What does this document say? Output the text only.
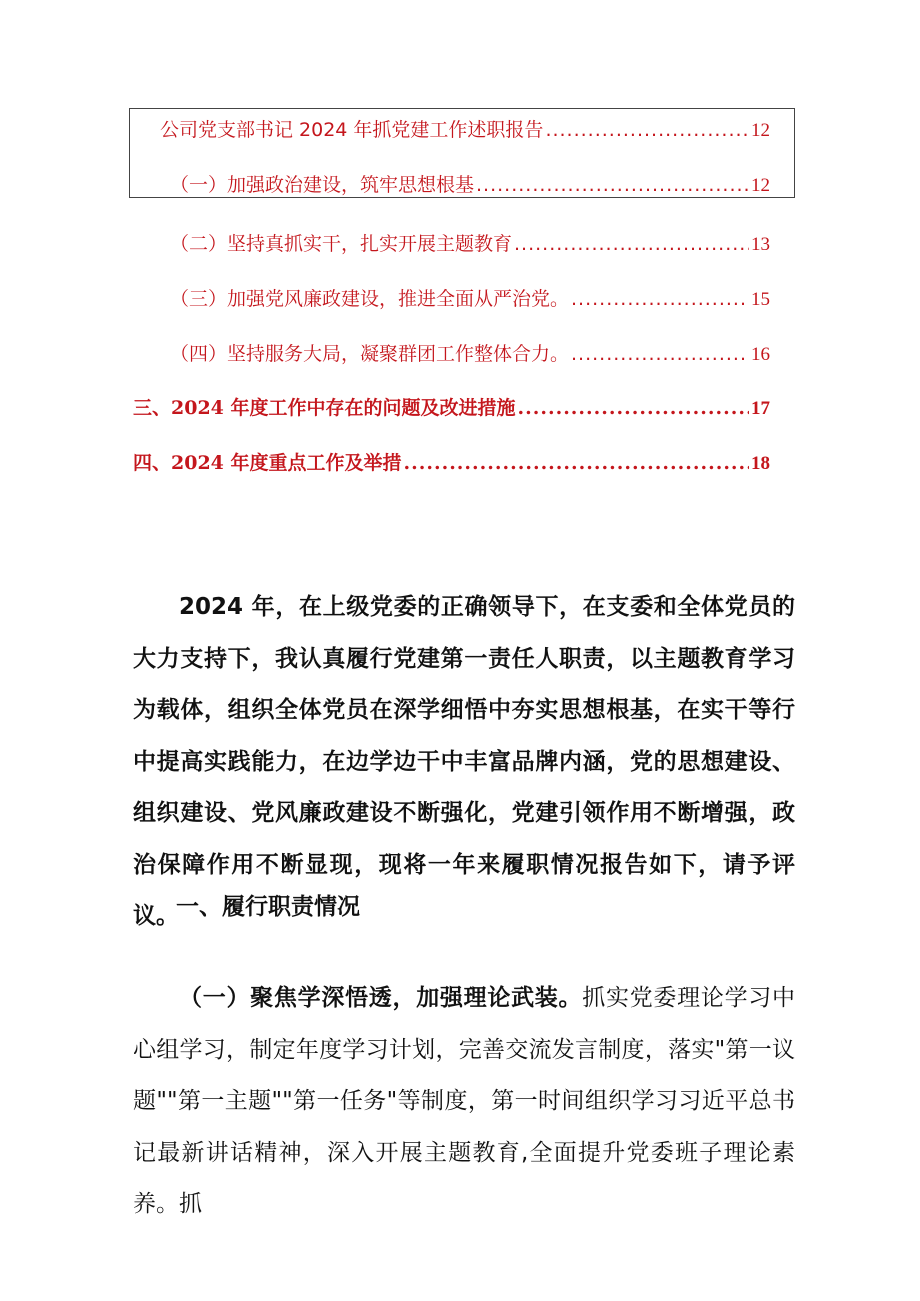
公司党支部书记 2024 年抓党建工作述职报告 .....	12
（一）加强政治建设，筑牢思想根基 .....	12
（二）坚持真抓实干，扎实开展主题教育 .....	13
（三）加强党风廉政建设，推进全面从严治党。 .....	15
（四）坚持服务大局，凝聚群团工作整体合力。 .....	16
三、2024 年度工作中存在的问题及改进措施 .....	17
四、2024 年度重点工作及举措 .....	18

2024 年，在上级党委的正确领导下，在支委和全体党员的大力支持下，我认真履行党建第一责任人职责，以主题教育学习为载体，组织全体党员在深学细悟中夯实思想根基，在实干等行中提高实践能力，在边学边干中丰富品牌内涵，党的思想建设、组织建设、党风廉政建设不断强化，党建引领作用不断增强，政治保障作用不断显现，现将一年来履职情况报告如下，请予评议。

一、履行职责情况

（一）聚焦学深悟透，加强理论武装。抓实党委理论学习中心组学习，制定年度学习计划，完善交流发言制度，落实"第一议题""第一主题""第一任务"等制度，第一时间组织学习习近平总书记最新讲话精神，深入开展主题教育,全面提升党委班子理论素养。抓
